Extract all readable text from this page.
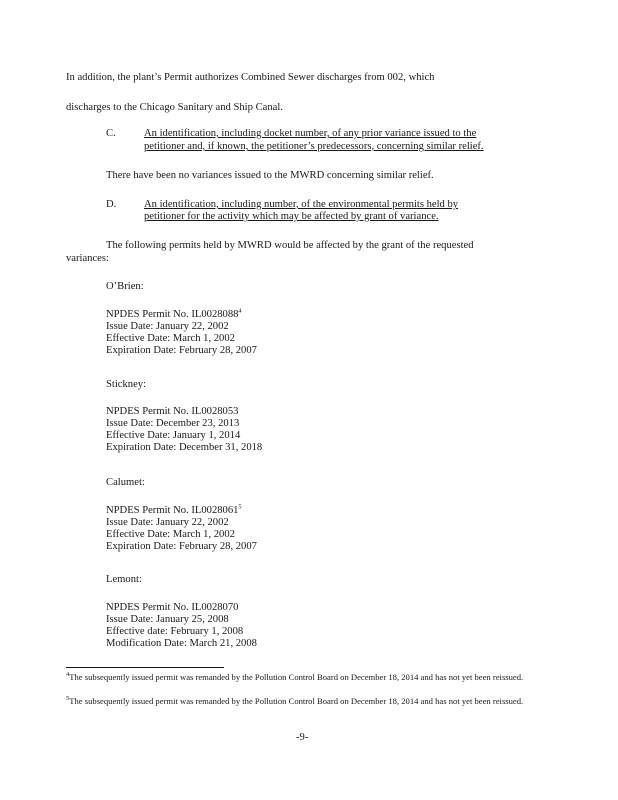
In addition, the plant’s Permit authorizes Combined Sewer discharges from 002, which

discharges to the Chicago Sanitary and Ship Canal.

C.	An identification, including docket number, of any prior variance issued to the
petitioner and, if known, the petitioner’s predecessors, concerning similar relief.

There have been no variances issued to the MWRD concerning similar relief.

D.	An identification, including number, of the environmental permits held by
petitioner for the activity which may be affected by grant of variance.

The following permits held by MWRD would be affected by the grant of the requested

variances:

O’Brien:

NPDES Permit No. IL0028088$^4$
Issue Date: January 22, 2002
Effective Date: March 1, 2002
Expiration Date: February 28, 2007

Stickney:

NPDES Permit No. IL0028053
Issue Date: December 23, 2013
Effective Date: January 1, 2014
Expiration Date: December 31, 2018

Calumet:

NPDES Permit No. IL0028061$^5$
Issue Date: January 22, 2002
Effective Date: March 1, 2002
Expiration Date: February 28, 2007

Lemont:

NPDES Permit No. IL0028070
Issue Date: January 25, 2008
Effective date: February 1, 2008
Modification Date: March 21, 2008
$^4$The subsequently issued permit was remanded by the Pollution Control Board on December 18, 2014 and has not yet been reissued.
$^5$The subsequently issued permit was remanded by the Pollution Control Board on December 18, 2014 and has not yet been reissued.

-9-
